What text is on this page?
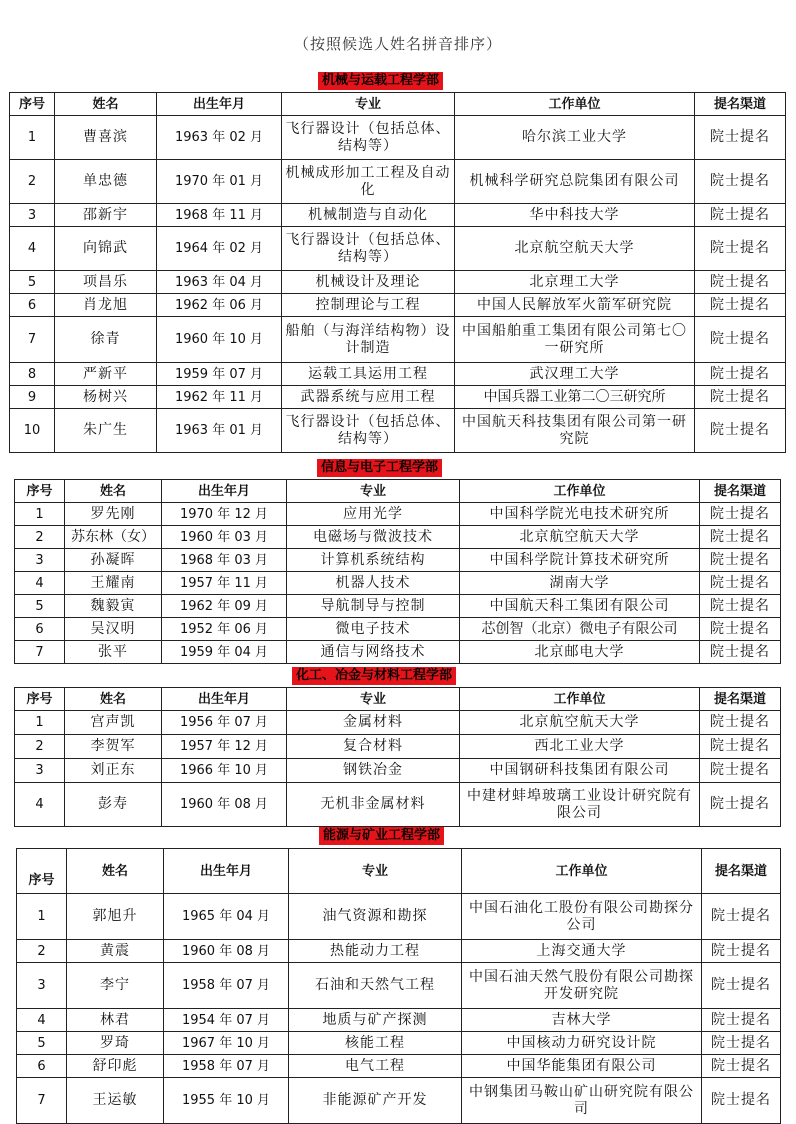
（按照候选人姓名拼音排序）
机械与运载工程学部
序号	姓名	出生年月	专业	工作单位	提名渠道
1	曹喜滨	1963 年 02 月	飞行器设计（包括总体、结构等）	哈尔滨工业大学	院士提名
2	单忠德	1970 年 01 月	机械成形加工工程及自动化	机械科学研究总院集团有限公司	院士提名
3	邵新宇	1968 年 11 月	机械制造与自动化	华中科技大学	院士提名
4	向锦武	1964 年 02 月	飞行器设计（包括总体、结构等）	北京航空航天大学	院士提名
5	项昌乐	1963 年 04 月	机械设计及理论	北京理工大学	院士提名
6	肖龙旭	1962 年 06 月	控制理论与工程	中国人民解放军火箭军研究院	院士提名
7	徐青	1960 年 10 月	船舶（与海洋结构物）设计制造	中国船舶重工集团有限公司第七〇一研究所	院士提名
8	严新平	1959 年 07 月	运载工具运用工程	武汉理工大学	院士提名
9	杨树兴	1962 年 11 月	武器系统与应用工程	中国兵器工业第二〇三研究所	院士提名
10	朱广生	1963 年 01 月	飞行器设计（包括总体、结构等）	中国航天科技集团有限公司第一研究院	院士提名
信息与电子工程学部
序号	姓名	出生年月	专业	工作单位	提名渠道
1	罗先刚	1970 年 12 月	应用光学	中国科学院光电技术研究所	院士提名
2	苏东林（女）	1960 年 03 月	电磁场与微波技术	北京航空航天大学	院士提名
3	孙凝晖	1968 年 03 月	计算机系统结构	中国科学院计算技术研究所	院士提名
4	王耀南	1957 年 11 月	机器人技术	湖南大学	院士提名
5	魏毅寅	1962 年 09 月	导航制导与控制	中国航天科工集团有限公司	院士提名
6	吴汉明	1952 年 06 月	微电子技术	芯创智（北京）微电子有限公司	院士提名
7	张平	1959 年 04 月	通信与网络技术	北京邮电大学	院士提名
化工、冶金与材料工程学部
序号	姓名	出生年月	专业	工作单位	提名渠道
1	宫声凯	1956 年 07 月	金属材料	北京航空航天大学	院士提名
2	李贺军	1957 年 12 月	复合材料	西北工业大学	院士提名
3	刘正东	1966 年 10 月	钢铁冶金	中国钢研科技集团有限公司	院士提名
4	彭寿	1960 年 08 月	无机非金属材料	中建材蚌埠玻璃工业设计研究院有限公司	院士提名
能源与矿业工程学部
序号	姓名	出生年月	专业	工作单位	提名渠道
1	郭旭升	1965 年 04 月	油气资源和勘探	中国石油化工股份有限公司勘探分公司	院士提名
2	黄震	1960 年 08 月	热能动力工程	上海交通大学	院士提名
3	李宁	1958 年 07 月	石油和天然气工程	中国石油天然气股份有限公司勘探开发研究院	院士提名
4	林君	1954 年 07 月	地质与矿产探测	吉林大学	院士提名
5	罗琦	1967 年 10 月	核能工程	中国核动力研究设计院	院士提名
6	舒印彪	1958 年 07 月	电气工程	中国华能集团有限公司	院士提名
7	王运敏	1955 年 10 月	非能源矿产开发	中钢集团马鞍山矿山研究院有限公司	院士提名
